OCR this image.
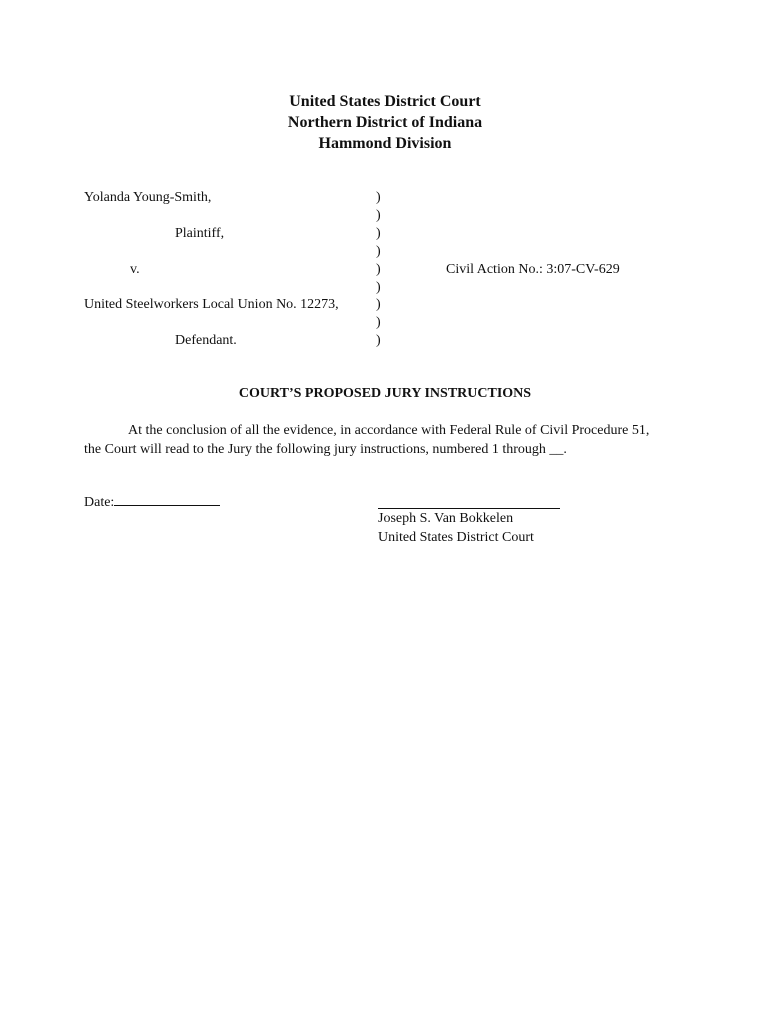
United States District Court
Northern District of Indiana
Hammond Division
Yolanda Young-Smith,
Plaintiff,
v.
United Steelworkers Local Union No. 12273,
Defendant.
)
)
)
)
)
)
)
)
)
Civil Action No.: 3:07-CV-629
COURT’S PROPOSED JURY INSTRUCTIONS
At the conclusion of all the evidence, in accordance with Federal Rule of Civil Procedure 51,
the Court will read to the Jury the following jury instructions, numbered 1 through __.
Date:
Joseph S. Van Bokkelen
United States District Court
